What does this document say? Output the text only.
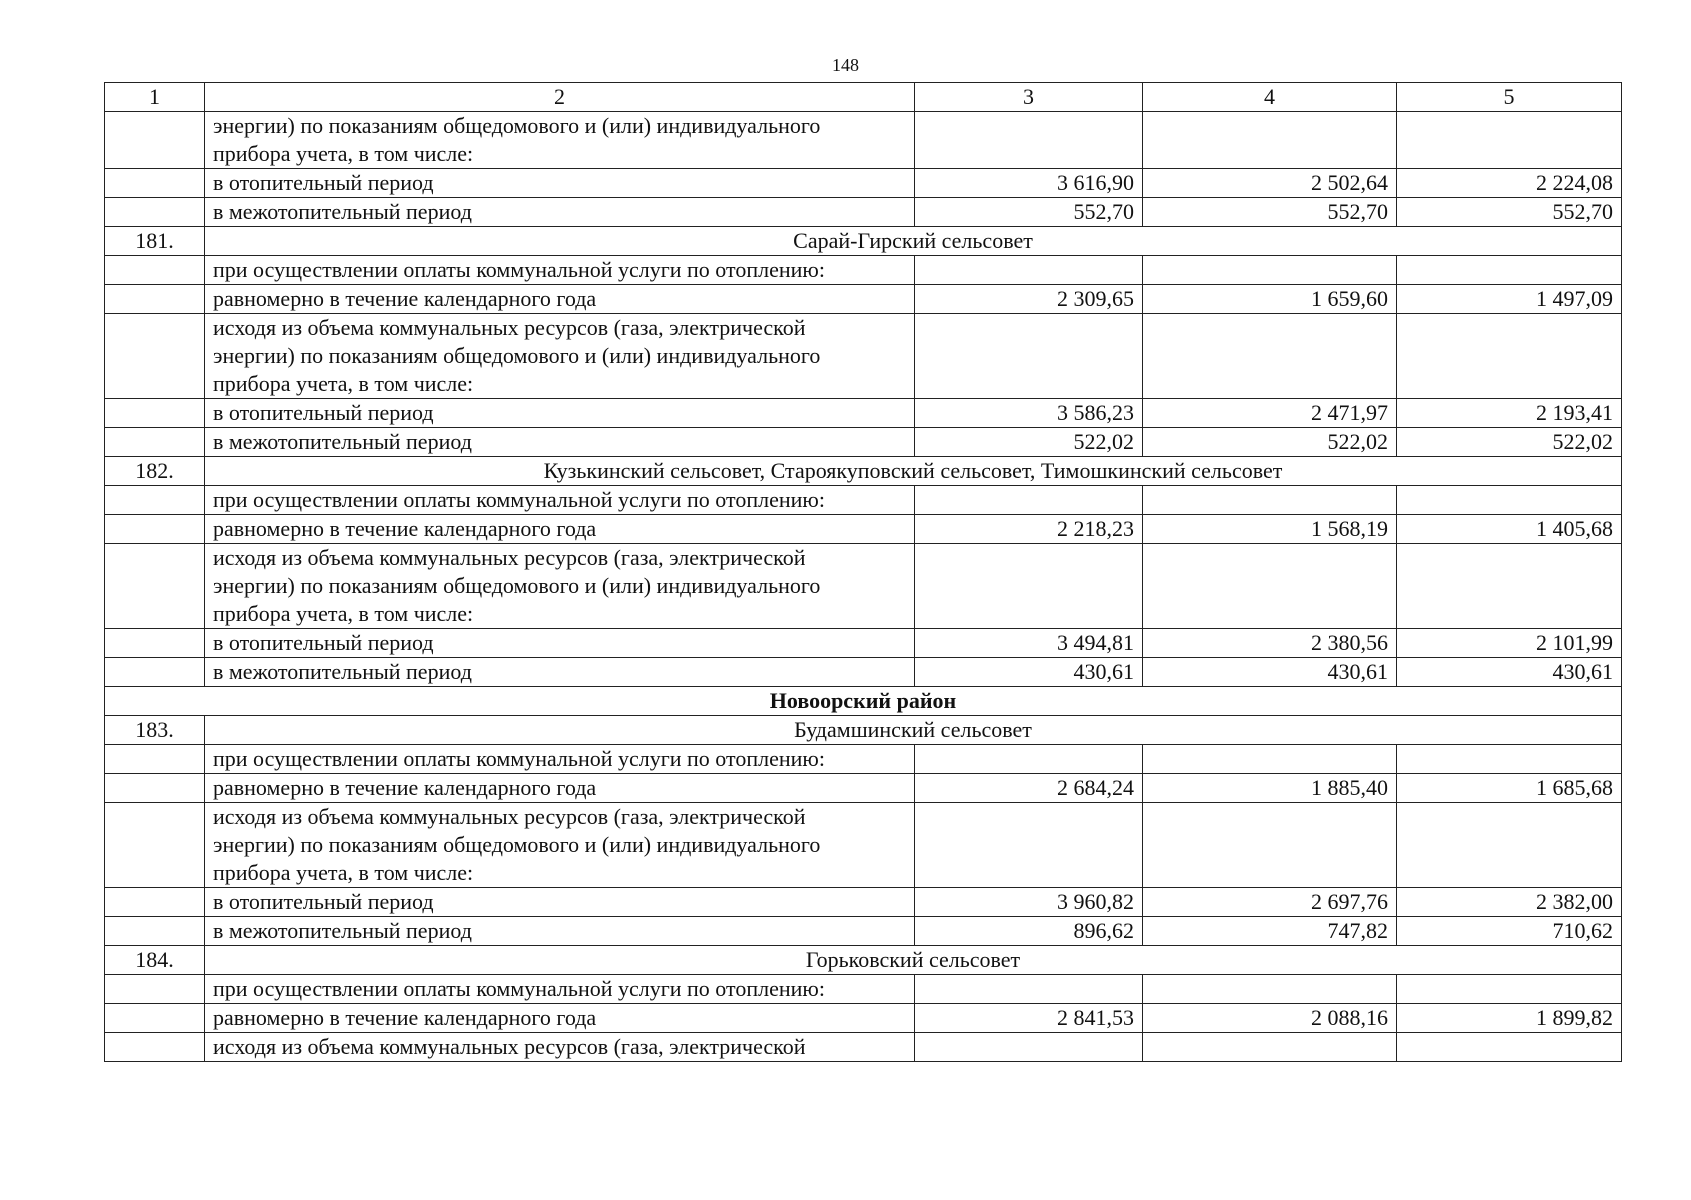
148
1	2	3	4	5

	энергии) по показаниям общедомового и (или) индивидуального
прибора учета, в том числе:			

	в отопительный период	3 616,90	2 502,64	2 224,08

	в межотопительный период	552,70	552,70	552,70
181.	Сарай-Гирский сельсовет			

	при осуществлении оплаты коммунальной услуги по отоплению:			

	равномерно в течение календарного года	2 309,65	1 659,60	1 497,09

	исходя из объема коммунальных ресурсов (газа, электрической
энергии) по показаниям общедомового и (или) индивидуального
прибора учета, в том числе:			

	в отопительный период	3 586,23	2 471,97	2 193,41

	в межотопительный период	522,02	522,02	522,02
182.	Кузькинский сельсовет, Староякуповский сельсовет, Тимошкинский сельсовет			

	при осуществлении оплаты коммунальной услуги по отоплению:			

	равномерно в течение календарного года	2 218,23	1 568,19	1 405,68

	исходя из объема коммунальных ресурсов (газа, электрической
энергии) по показаниям общедомового и (или) индивидуального
прибора учета, в том числе:			

	в отопительный период	3 494,81	2 380,56	2 101,99

	в межотопительный период	430,61	430,61	430,61
Новоорский район				
183.	Будамшинский сельсовет			

	при осуществлении оплаты коммунальной услуги по отоплению:			

	равномерно в течение календарного года	2 684,24	1 885,40	1 685,68

	исходя из объема коммунальных ресурсов (газа, электрической
энергии) по показаниям общедомового и (или) индивидуального
прибора учета, в том числе:			

	в отопительный период	3 960,82	2 697,76	2 382,00

	в межотопительный период	896,62	747,82	710,62
184.	Горьковский сельсовет			

	при осуществлении оплаты коммунальной услуги по отоплению:			

	равномерно в течение календарного года	2 841,53	2 088,16	1 899,82

	исходя из объема коммунальных ресурсов (газа, электрической			
